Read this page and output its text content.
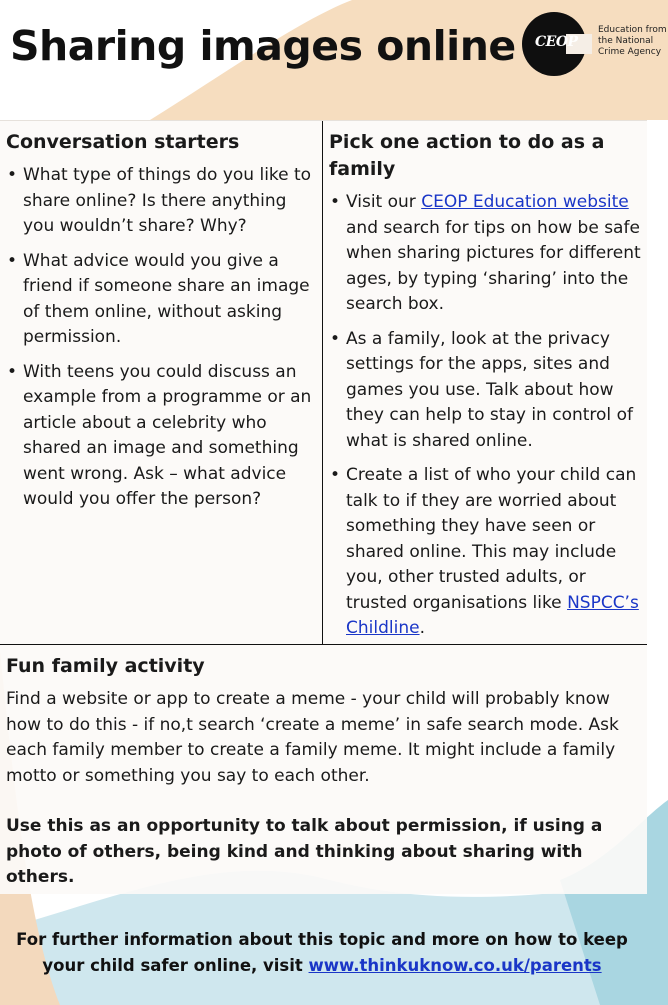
Sharing images online CEOP
Education from the National Crime Agency
Conversation starters
• What type of things do you like to share online? Is there anything you wouldn’t share? Why?
• What advice would you give a friend if someone share an image of them online, without asking permission.
• With teens you could discuss an example from a programme or an article about a celebrity who shared an image and something went wrong. Ask – what advice would you offer the person?
Pick one action to do as a family
• Visit our CEOP Education website and search for tips on how be safe when sharing pictures for different ages, by typing ‘sharing’ into the search box.
• As a family, look at the privacy settings for the apps, sites and games you use. Talk about how they can help to stay in control of what is shared online.
• Create a list of who your child can talk to if they are worried about something they have seen or shared online. This may include you, other trusted adults, or trusted organisations like NSPCC’s Childline.
Fun family activity

Find a website or app to create a meme - your child will probably know how to do this - if no,t search ‘create a meme’ in safe search mode. Ask each family member to create a family meme. It might include a family motto or something you say to each other.

Use this as an opportunity to talk about permission, if using a photo of others, being kind and thinking about sharing with others.

For further information about this topic and more on how to keep your child safer online, visit www.thinkuknow.co.uk/parents
